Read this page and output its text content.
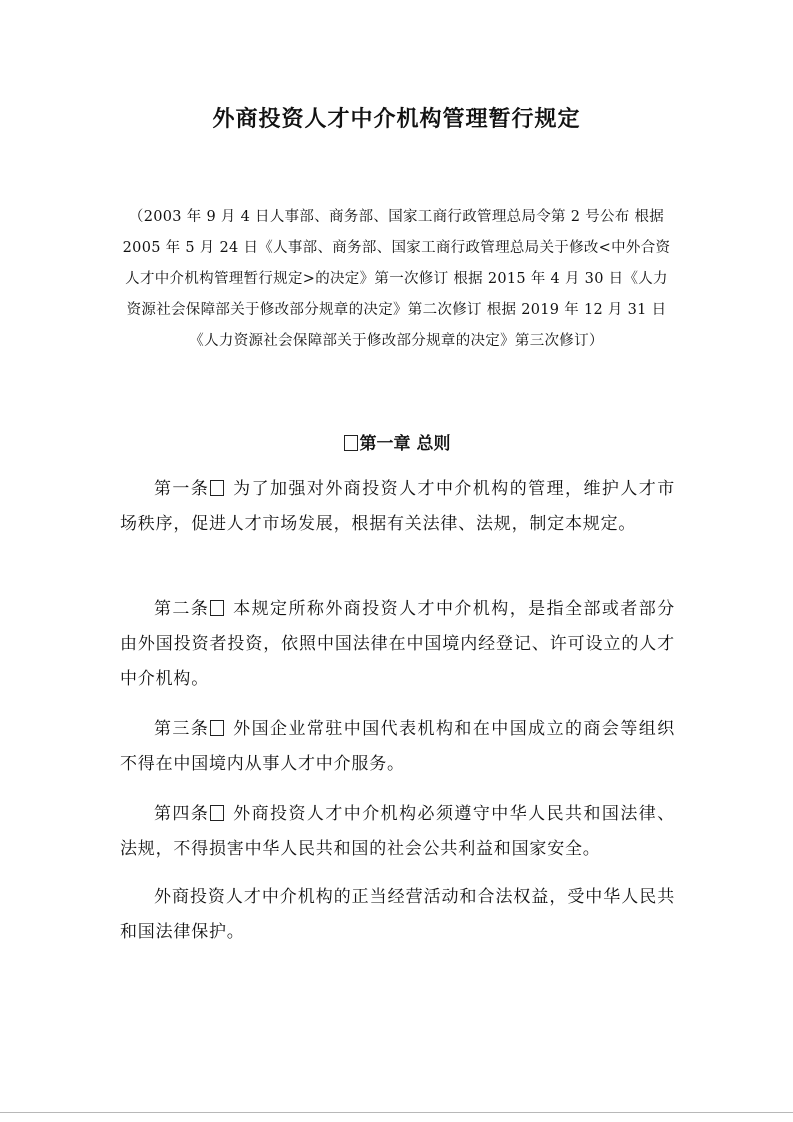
外商投资人才中介机构管理暂行规定
（2003 年 9 月 4 日人事部、商务部、国家工商行政管理总局令第 2 号公布 根据 2005 年 5 月 24 日《人事部、商务部、国家工商行政管理总局关于修改<中外合资人才中介机构管理暂行规定>的决定》第一次修订 根据 2015 年 4 月 30 日《人力资源社会保障部关于修改部分规章的决定》第二次修订 根据 2019 年 12 月 31 日《人力资源社会保障部关于修改部分规章的决定》第三次修订）
第一章 总则
第一条 为了加强对外商投资人才中介机构的管理，维护人才市场秩序，促进人才市场发展，根据有关法律、法规，制定本规定。
第二条 本规定所称外商投资人才中介机构，是指全部或者部分由外国投资者投资，依照中国法律在中国境内经登记、许可设立的人才中介机构。
第三条 外国企业常驻中国代表机构和在中国成立的商会等组织不得在中国境内从事人才中介服务。
第四条 外商投资人才中介机构必须遵守中华人民共和国法律、法规，不得损害中华人民共和国的社会公共利益和国家安全。
外商投资人才中介机构的正当经营活动和合法权益，受中华人民共和国法律保护。
